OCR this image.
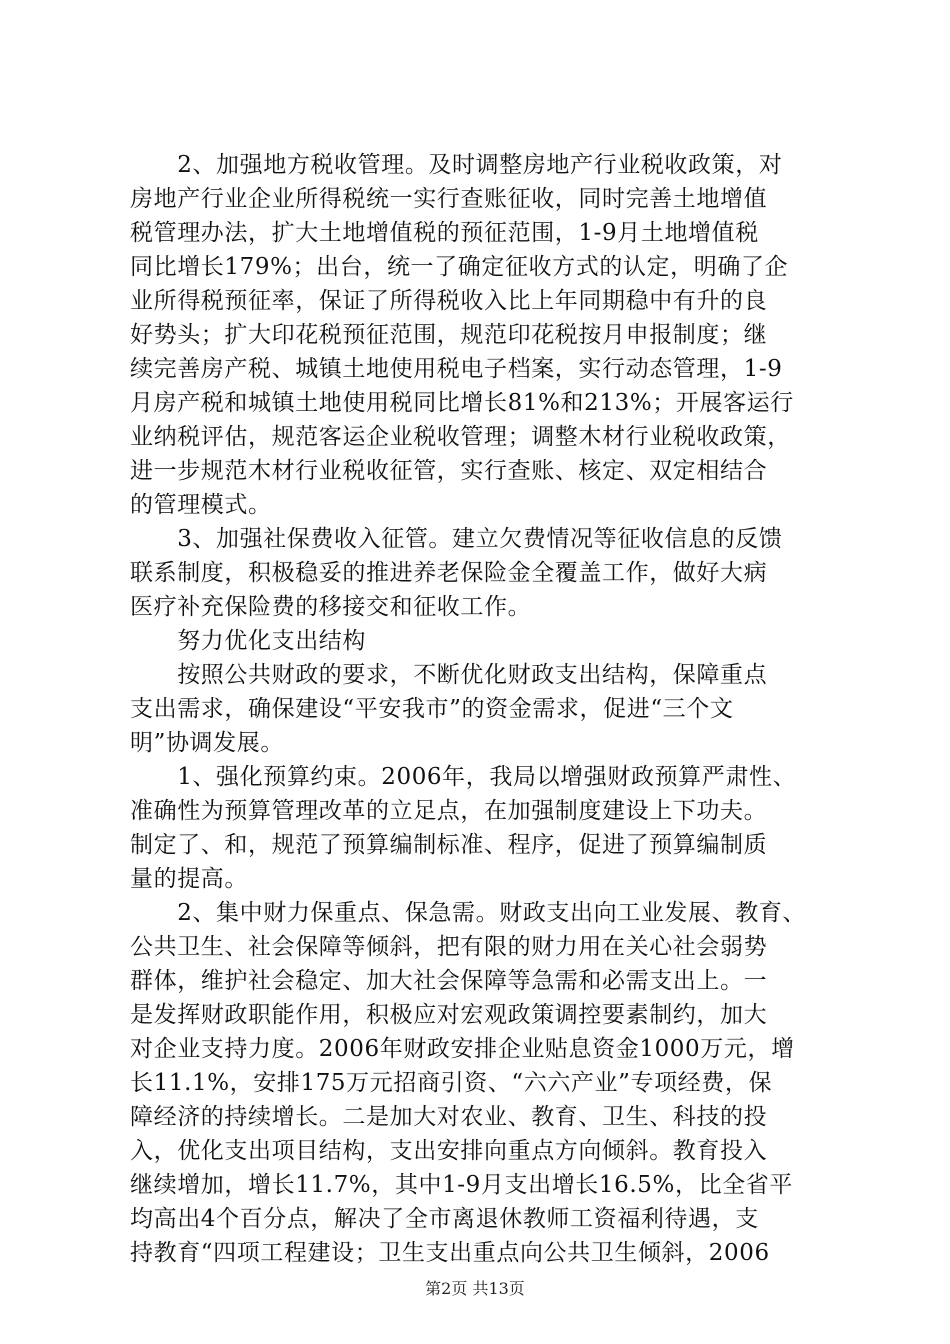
　　2、加强地方税收管理。及时调整房地产行业税收政策，对
房地产行业企业所得税统一实行查账征收，同时完善土地增值
税管理办法，扩大土地增值税的预征范围，1-9月土地增值税
同比增长179%；出台，统一了确定征收方式的认定，明确了企
业所得税预征率，保证了所得税收入比上年同期稳中有升的良
好势头；扩大印花税预征范围，规范印花税按月申报制度；继
续完善房产税、城镇土地使用税电子档案，实行动态管理，1-9
月房产税和城镇土地使用税同比增长81%和213%；开展客运行
业纳税评估，规范客运企业税收管理；调整木材行业税收政策，
进一步规范木材行业税收征管，实行查账、核定、双定相结合
的管理模式。
　　3、加强社保费收入征管。建立欠费情况等征收信息的反馈
联系制度，积极稳妥的推进养老保险金全覆盖工作，做好大病
医疗补充保险费的移接交和征收工作。
　　努力优化支出结构
　　按照公共财政的要求，不断优化财政支出结构，保障重点
支出需求，确保建设“平安我市”的资金需求，促进“三个文
明”协调发展。
　　1、强化预算约束。2006年，我局以增强财政预算严肃性、
准确性为预算管理改革的立足点，在加强制度建设上下功夫。
制定了、和，规范了预算编制标准、程序，促进了预算编制质
量的提高。
　　2、集中财力保重点、保急需。财政支出向工业发展、教育、
公共卫生、社会保障等倾斜，把有限的财力用在关心社会弱势
群体，维护社会稳定、加大社会保障等急需和必需支出上。一
是发挥财政职能作用，积极应对宏观政策调控要素制约，加大
对企业支持力度。2006年财政安排企业贴息资金1000万元，增
长11.1%，安排175万元招商引资、“六六产业”专项经费，保
障经济的持续增长。二是加大对农业、教育、卫生、科技的投
入，优化支出项目结构，支出安排向重点方向倾斜。教育投入
继续增加，增长11.7%，其中1-9月支出增长16.5%，比全省平
均高出4个百分点，解决了全市离退休教师工资福利待遇，支
持教育“四项工程建设；卫生支出重点向公共卫生倾斜，2006
第2页 共13页
